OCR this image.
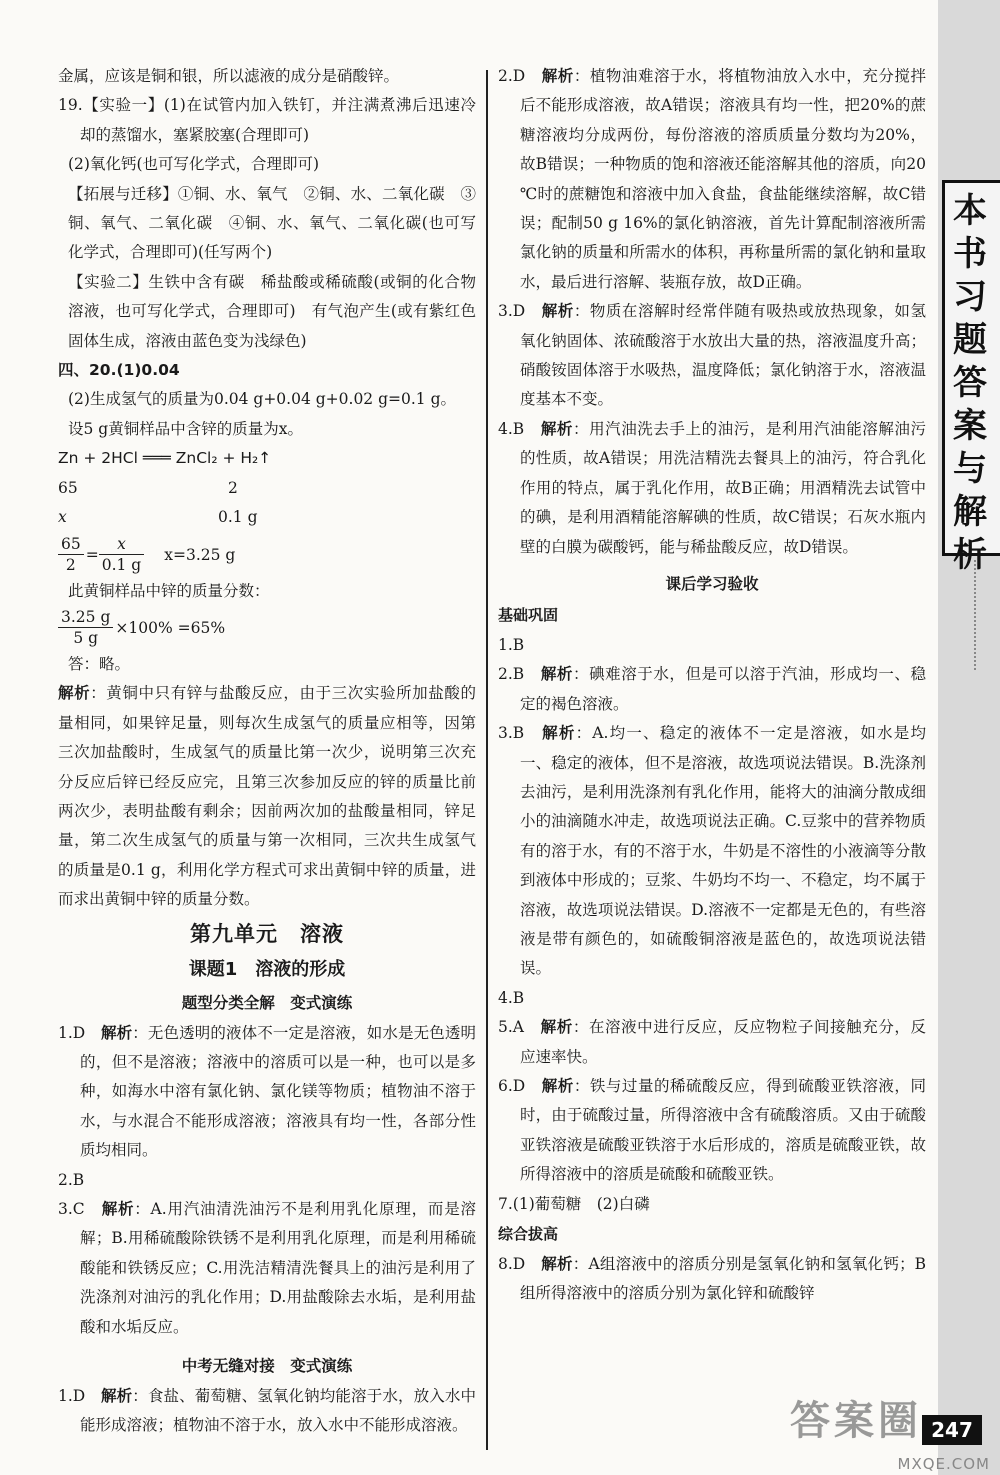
金属，应该是铜和银，所以滤液的成分是硝酸锌。

19.【实验一】(1)在试管内加入铁钉，并注满煮沸后迅速冷却的蒸馏水，塞紧胶塞(合理即可)

(2)氧化钙(也可写化学式，合理即可)

【拓展与迁移】①铜、水、氧气　②铜、水、二氧化碳　③铜、氧气、二氧化碳　④铜、水、氧气、二氧化碳(也可写化学式，合理即可)(任写两个)

【实验二】生铁中含有碳　稀盐酸或稀硫酸(或铜的化合物溶液，也可写化学式，合理即可)　有气泡产生(或有紫红色固体生成，溶液由蓝色变为浅绿色)

四、20.(1)0.04

(2)生成氢气的质量为0.04 g+0.04 g+0.02 g=0.1 g。

设5 g黄铜样品中含锌的质量为x。

Zn + 2HCl ═══ ZnCl₂ + H₂↑

65	2
x	0.1 g
$\frac{65}{2} = \frac{x}{0.1 g} x=3.25$ g

此黄铜样品中锌的质量分数：

$\frac{3.25 g}{5 g} \times 100\% =65\%$

答：略。

解析：黄铜中只有锌与盐酸反应，由于三次实验所加盐酸的量相同，如果锌足量，则每次生成氢气的质量应相等，因第三次加盐酸时，生成氢气的质量比第一次少，说明第三次充分反应后锌已经反应完，且第三次参加反应的锌的质量比前两次少，表明盐酸有剩余；因前两次加的盐酸量相同，锌足量，第二次生成氢气的质量与第一次相同，三次共生成氢气的质量是0.1 g，利用化学方程式可求出黄铜中锌的质量，进而求出黄铜中锌的质量分数。

第九单元　溶液
课题1　溶液的形成
题型分类全解　变式演练

1.D　 解析：无色透明的液体不一定是溶液，如水是无色透明的，但不是溶液；溶液中的溶质可以是一种，也可以是多种，如海水中溶有氯化钠、氯化镁等物质；植物油不溶于水，与水混合不能形成溶液；溶液具有均一性，各部分性质均相同。

2.B

3.C　 解析：A.用汽油清洗油污不是利用乳化原理，而是溶解；B.用稀硫酸除铁锈不是利用乳化原理，而是利用稀硫酸能和铁锈反应；C.用洗洁精清洗餐具上的油污是利用了洗涤剂对油污的乳化作用；D.用盐酸除去水垢，是利用盐酸和水垢反应。

中考无缝对接　变式演练

1.D　 解析：食盐、葡萄糖、氢氧化钠均能溶于水，放入水中能形成溶液；植物油不溶于水，放入水中不能形成溶液。

2.D　 解析：植物油难溶于水，将植物油放入水中，充分搅拌后不能形成溶液，故A错误；溶液具有均一性，把20%的蔗糖溶液均分成两份，每份溶液的溶质质量分数均为20%，故B错误；一种物质的饱和溶液还能溶解其他的溶质，向20 ℃时的蔗糖饱和溶液中加入食盐，食盐能继续溶解，故C错误；配制50 g 16%的氯化钠溶液，首先计算配制溶液所需氯化钠的质量和所需水的体积，再称量所需的氯化钠和量取水，最后进行溶解、装瓶存放，故D正确。

3.D　 解析：物质在溶解时经常伴随有吸热或放热现象，如氢氧化钠固体、浓硫酸溶于水放出大量的热，溶液温度升高；硝酸铵固体溶于水吸热，温度降低；氯化钠溶于水，溶液温度基本不变。

4.B　 解析：用汽油洗去手上的油污，是利用汽油能溶解油污的性质，故A错误；用洗洁精洗去餐具上的油污，符合乳化作用的特点，属于乳化作用，故B正确；用酒精洗去试管中的碘，是利用酒精能溶解碘的性质，故C错误；石灰水瓶内壁的白膜为碳酸钙，能与稀盐酸反应，故D错误。

课后学习验收
基础巩固

1.B

2.B　 解析：碘难溶于水，但是可以溶于汽油，形成均一、稳定的褐色溶液。

3.B　 解析：A.均一、稳定的液体不一定是溶液，如水是均一、稳定的液体，但不是溶液，故选项说法错误。B.洗涤剂去油污，是利用洗涤剂有乳化作用，能将大的油滴分散成细小的油滴随水冲走，故选项说法正确。C.豆浆中的营养物质有的溶于水，有的不溶于水，牛奶是不溶性的小液滴等分散到液体中形成的；豆浆、牛奶均不均一、不稳定，均不属于溶液，故选项说法错误。D.溶液不一定都是无色的，有些溶液是带有颜色的，如硫酸铜溶液是蓝色的，故选项说法错误。

4.B

5.A　 解析：在溶液中进行反应，反应物粒子间接触充分，反应速率快。

6.D　 解析：铁与过量的稀硫酸反应，得到硫酸亚铁溶液，同时，由于硫酸过量，所得溶液中含有硫酸溶质。又由于硫酸亚铁溶液是硫酸亚铁溶于水后形成的，溶质是硫酸亚铁，故所得溶液中的溶质是硫酸和硫酸亚铁。

7.(1)葡萄糖　(2)白磷

综合拔高

8.D　 解析：A组溶液中的溶质分别是氢氧化钠和氢氧化钙；B组所得溶液中的溶质分别为氯化锌和硫酸锌

本书习题答案与解析
答案圈 247
MXQE.COM
